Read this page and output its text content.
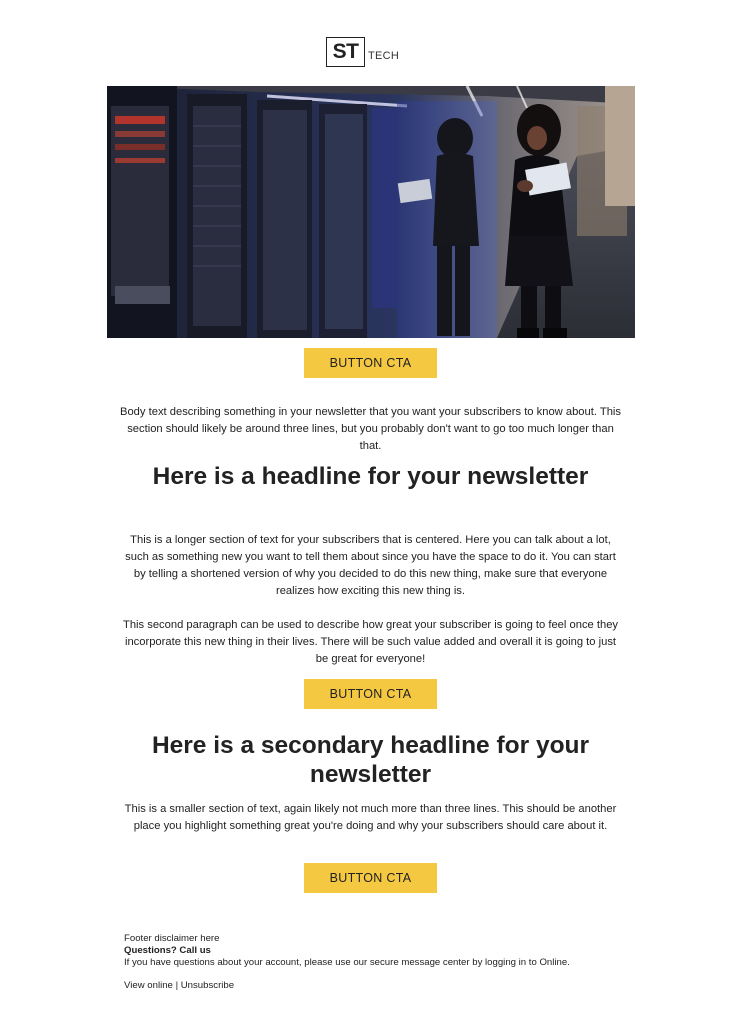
ST TECH
BUTTON CTA

Body text describing something in your newsletter that you want your subscribers to know about. This section should likely be around three lines, but you probably don't want to go too much longer than that.

Here is a headline for your newsletter

This is a longer section of text for your subscribers that is centered. Here you can talk about a lot, such as something new you want to tell them about since you have the space to do it. You can start by telling a shortened version of why you decided to do this new thing, make sure that everyone realizes how exciting this new thing is.

This second paragraph can be used to describe how great your subscriber is going to feel once they incorporate this new thing in their lives. There will be such value added and overall it is going to just be great for everyone!

BUTTON CTA
Here is a secondary headline for your newsletter

This is a smaller section of text, again likely not much more than three lines. This should be another place you highlight something great you're doing and why your subscribers should care about it.

BUTTON CTA
Footer disclaimer here
Questions? Call us
If you have questions about your account, please use our secure message center by logging in to Online.
View online | Unsubscribe
